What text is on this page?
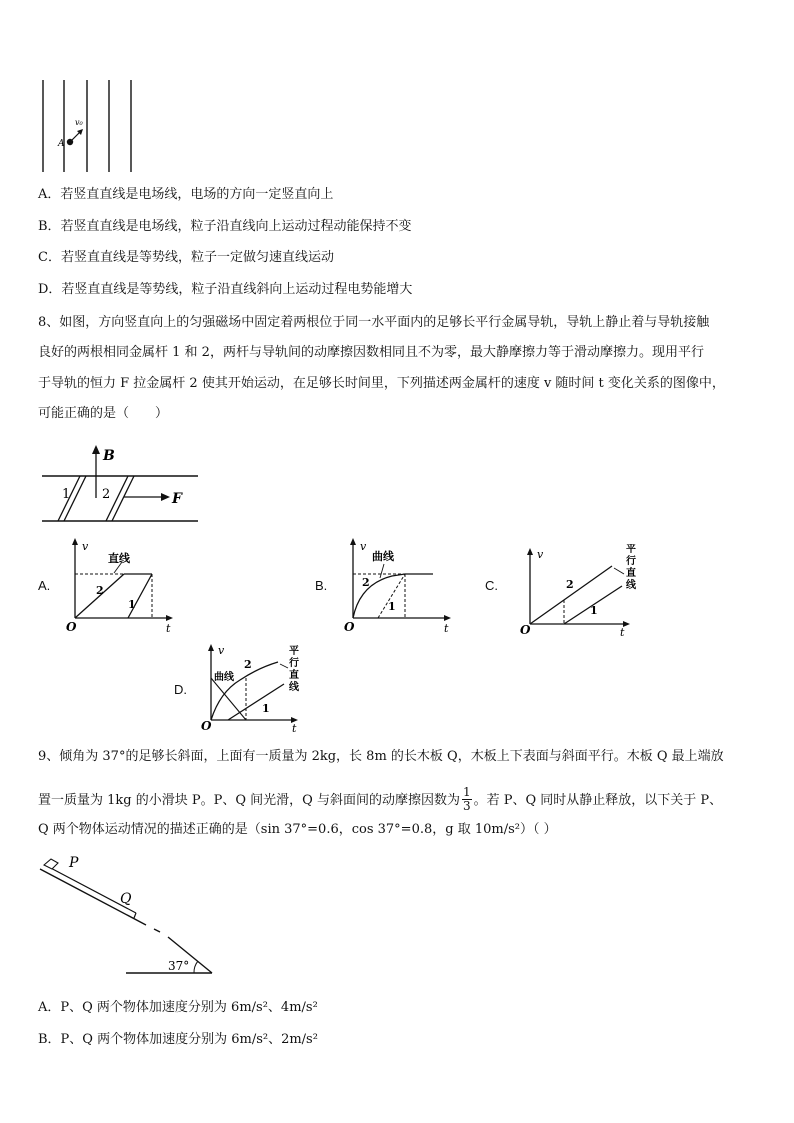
v₀
A
A．若竖直直线是电场线，电场的方向一定竖直向上
B．若竖直直线是电场线，粒子沿直线向上运动过程动能保持不变
C．若竖直直线是等势线，粒子一定做匀速直线运动
D．若竖直直线是等势线，粒子沿直线斜向上运动过程电势能增大
8、如图，方向竖直向上的匀强磁场中固定着两根位于同一水平面内的足够长平行金属导轨，导轨上静止着与导轨接触
良好的两根相同金属杆 1 和 2，两杆与导轨间的动摩擦因数相同且不为零，最大静摩擦力等于滑动摩擦力。现用平行
于导轨的恒力 F 拉金属杆 2 使其开始运动，在足够长时间里，下列描述两金属杆的速度 v 随时间 t 变化关系的图像中，
可能正确的是（　　）
B
F
1 2
A.
v
t
O
直线
2
1
B.
v
t
O
曲线
2
1
C.
v
t
O
平
行
直
线
2
1
D.
v
t
O
曲线
平
行
直
线
2
1
9、倾角为 37°的足够长斜面，上面有一质量为 2kg，长 8m 的长木板 Q，木板上下表面与斜面平行。木板 Q 最上端放
置一质量为 1kg 的小滑块 P。P、Q 间光滑，Q 与斜面间的动摩擦因数为 $\frac{1}{3}$ 。若 P、Q 同时从静止释放，以下关于 P、
Q 两个物体运动情况的描述正确的是（sin 37°=0.6，cos 37°=0.8，g 取 10m/s²）（ ）
P
Q
37°
A．P、Q 两个物体加速度分别为 6m/s²、4m/s²
B．P、Q 两个物体加速度分别为 6m/s²、2m/s²
